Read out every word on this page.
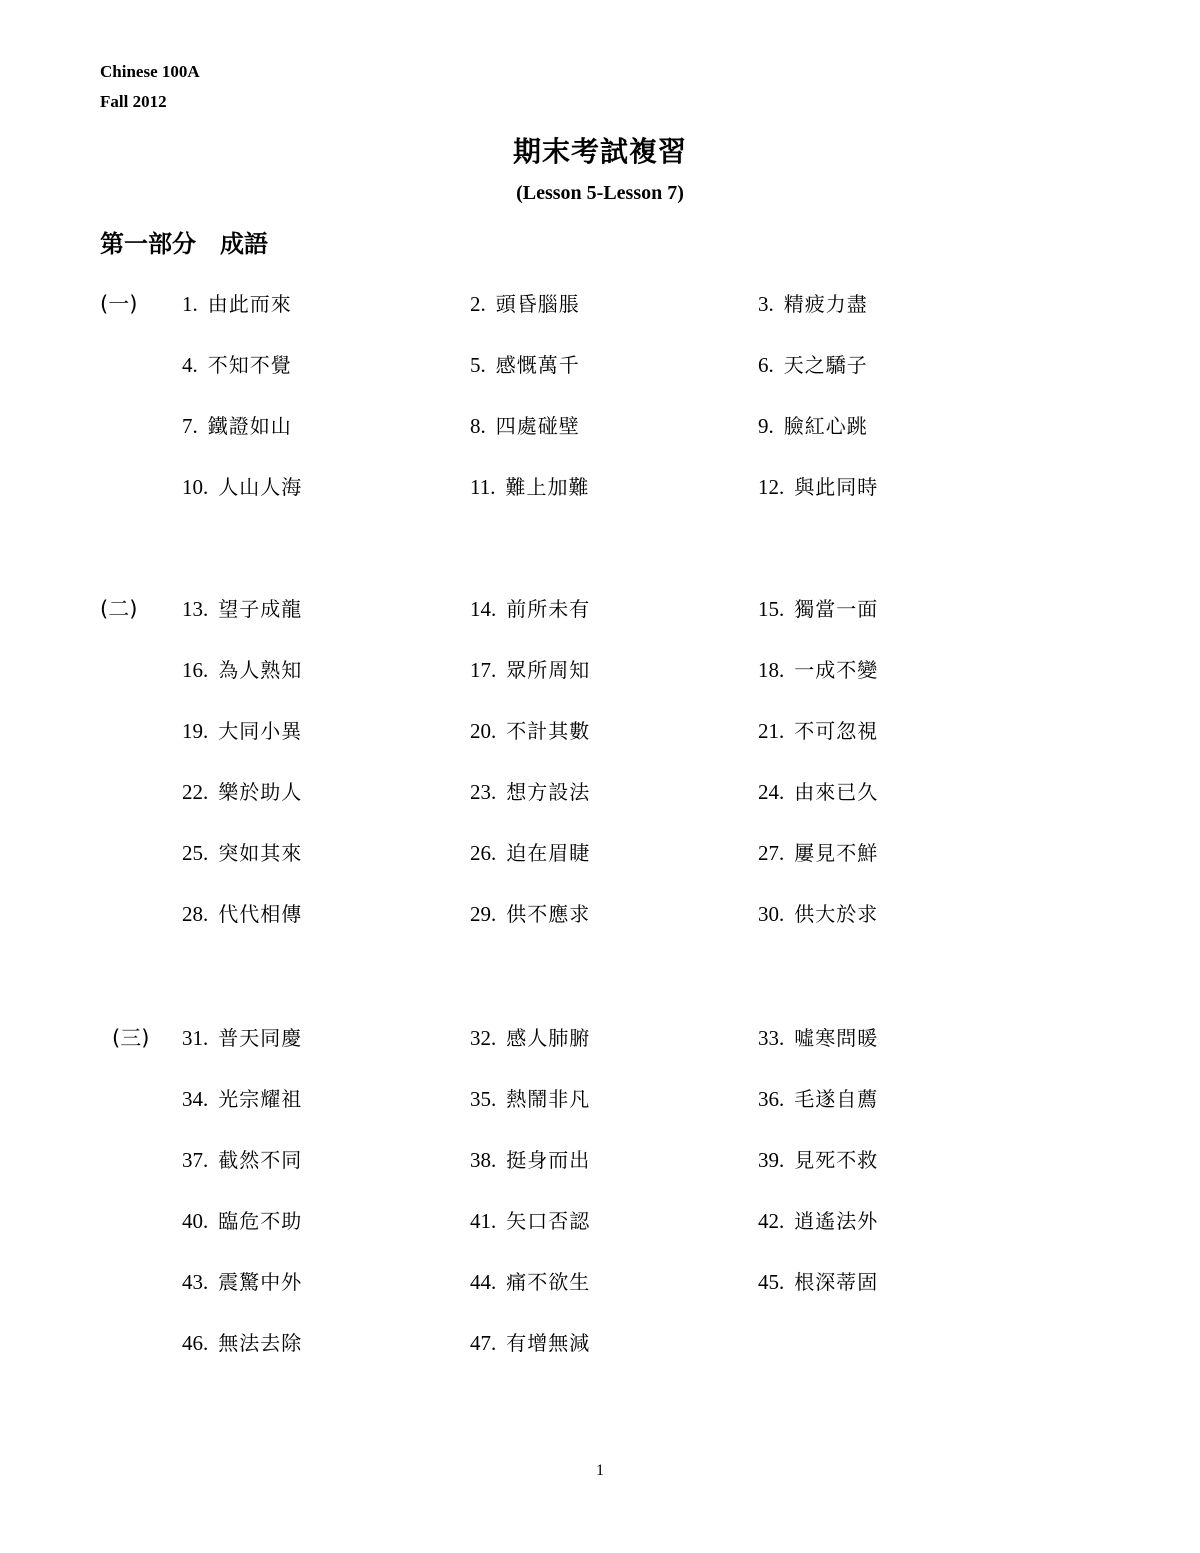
Chinese 100A
Fall 2012
期末考試複習
(Lesson 5-Lesson 7)
第一部分　成語
(一) 1. 由此而來	2. 頭昏腦脹	3. 精疲力盡
4. 不知不覺	5. 感慨萬千	6. 天之驕子
7. 鐵證如山	8. 四處碰壁	9. 臉紅心跳
10. 人山人海	11. 難上加難	12. 與此同時
(二) 13. 望子成龍	14. 前所未有	15. 獨當一面
16. 為人熟知	17. 眾所周知	18. 一成不變
19. 大同小異	20. 不計其數	21. 不可忽視
22. 樂於助人	23. 想方設法	24. 由來已久
25. 突如其來	26. 迫在眉睫	27. 屢見不鮮
28. 代代相傳	29. 供不應求	30. 供大於求
(三) 31. 普天同慶	32. 感人肺腑	33. 噓寒問暖
34. 光宗耀祖	35. 熱鬧非凡	36. 毛遂自薦
37. 截然不同	38. 挺身而出	39. 見死不救
40. 臨危不助	41. 矢口否認	42. 逍遙法外
43. 震驚中外	44. 痛不欲生	45. 根深蒂固
46. 無法去除	47. 有增無減
1
